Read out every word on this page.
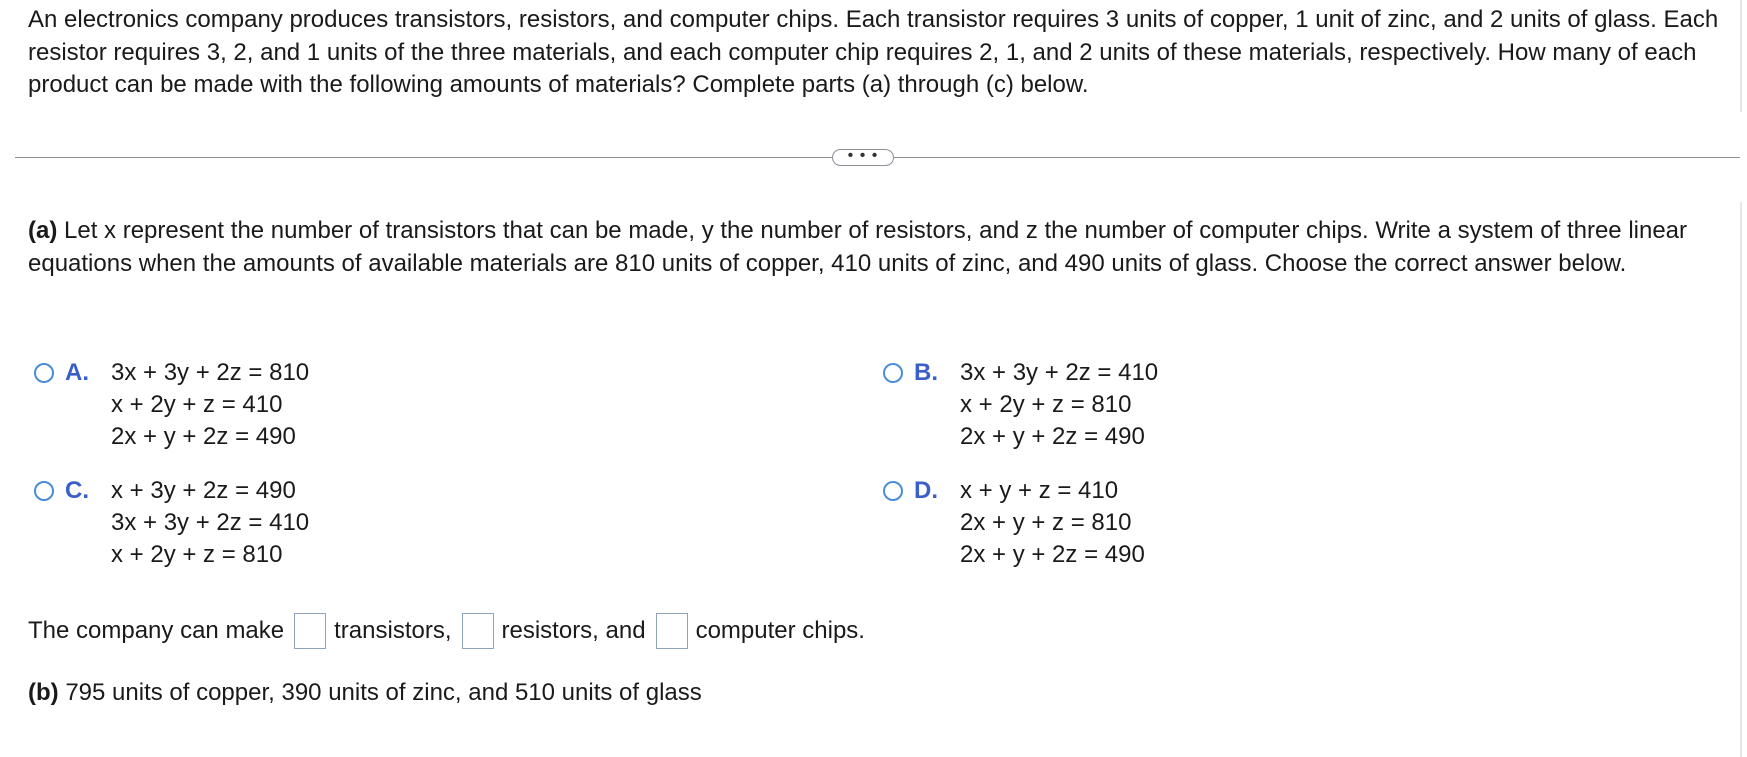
An electronics company produces transistors, resistors, and computer chips. Each transistor requires 3 units of copper, 1 unit of zinc, and 2 units of glass. Each resistor requires 3, 2, and 1 units of the three materials, and each computer chip requires 2, 1, and 2 units of these materials, respectively. How many of each product can be made with the following amounts of materials? Complete parts (a) through (c) below.
• • •
(a) Let x represent the number of transistors that can be made, y the number of resistors, and z the number of computer chips. Write a system of three linear equations when the amounts of available materials are 810 units of copper, 410 units of zinc, and 490 units of glass. Choose the correct answer below.
A. 3x + 3y + 2z = 810
x + 2y + z = 410
2x + y + 2z = 490
B. 3x + 3y + 2z = 410
x + 2y + z = 810
2x + y + 2z = 490
C. x + 3y + 2z = 490
3x + 3y + 2z = 410
x + 2y + z = 810
D. x + y + z = 410
2x + y + z = 810
2x + y + 2z = 490
The company can make transistors, resistors, and computer chips.
(b) 795 units of copper, 390 units of zinc, and 510 units of glass
